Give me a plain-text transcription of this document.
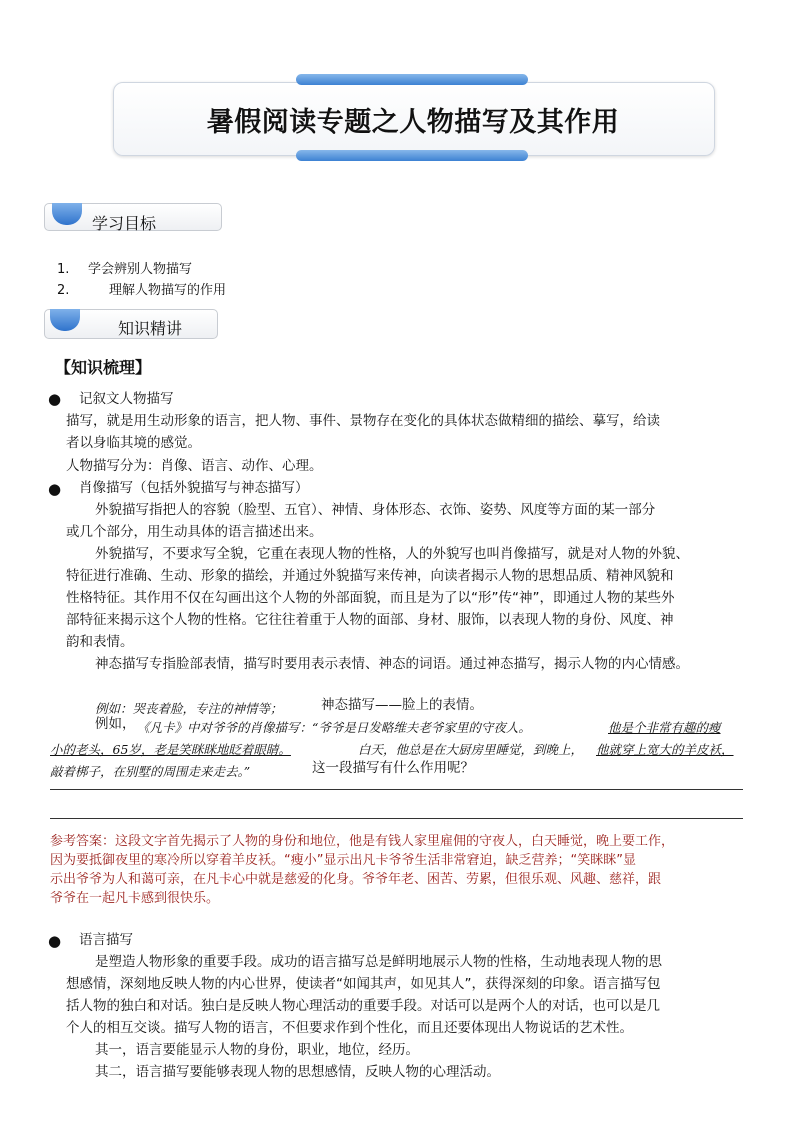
暑假阅读专题之人物描写及其作用
学习目标
1. 学会辨别人物描写
2.	理解人物描写的作用
知识精讲
【知识梳理】
● 记叙文人物描写
描写，就是用生动形象的语言，把人物、事件、景物存在变化的具体状态做精细的描绘、摹写，给读
者以身临其境的感觉。
人物描写分为：肖像、语言、动作、心理。
● 肖像描写（包括外貌描写与神态描写）
外貌描写指把人的容貌（脸型、五官）、神情、身体形态、衣饰、姿势、风度等方面的某一部分
或几个部分，用生动具体的语言描述出来。
外貌描写，不要求写全貌，它重在表现人物的性格，人的外貌写也叫肖像描写，就是对人物的外貌、
特征进行准确、生动、形象的描绘，并通过外貌描写来传神，向读者揭示人物的思想品质、精神风貌和
性格特征。其作用不仅在勾画出这个人物的外部面貌，而且是为了以“形”传“神”，即通过人物的某些外
部特征来揭示这个人物的性格。它往往着重于人物的面部、身材、服饰，以表现人物的身份、风度、神
韵和表情。
神态描写专指脸部表情，描写时要用表示表情、神态的词语。通过神态描写，揭示人物的内心情感。
例如：哭丧着脸，专注的神情等；	神态描写——脸上的表情。
例如， 《凡卡》中对爷爷的肖像描写：“爷爷是日发略维夫老爷家里的守夜人。	他是个非常有趣的瘦
小的老头，65岁，老是笑眯眯地眨着眼睛。	白天，他总是在大厨房里睡觉，到晚上， 他就穿上宽大的羊皮袄，
敲着梆子，在别墅的周围走来走去。”	这一段描写有什么作用呢？
参考答案：这段文字首先揭示了人物的身份和地位，他是有钱人家里雇佣的守夜人，白天睡觉，晚上要工作，
因为要抵御夜里的寒冷所以穿着羊皮袄。“瘦小”显示出凡卡爷爷生活非常窘迫，缺乏营养；“笑眯眯”显
示出爷爷为人和蔼可亲，在凡卡心中就是慈爱的化身。爷爷年老、困苦、劳累，但很乐观、风趣、慈祥，跟
爷爷在一起凡卡感到很快乐。
● 语言描写
是塑造人物形象的重要手段。成功的语言描写总是鲜明地展示人物的性格，生动地表现人物的思
想感情，深刻地反映人物的内心世界，使读者“如闻其声，如见其人”，获得深刻的印象。语言描写包
括人物的独白和对话。独白是反映人物心理活动的重要手段。对话可以是两个人的对话，也可以是几
个人的相互交谈。描写人物的语言，不但要求作到个性化，而且还要体现出人物说话的艺术性。
其一，语言要能显示人物的身份，职业，地位，经历。
其二，语言描写要能够表现人物的思想感情，反映人物的心理活动。
